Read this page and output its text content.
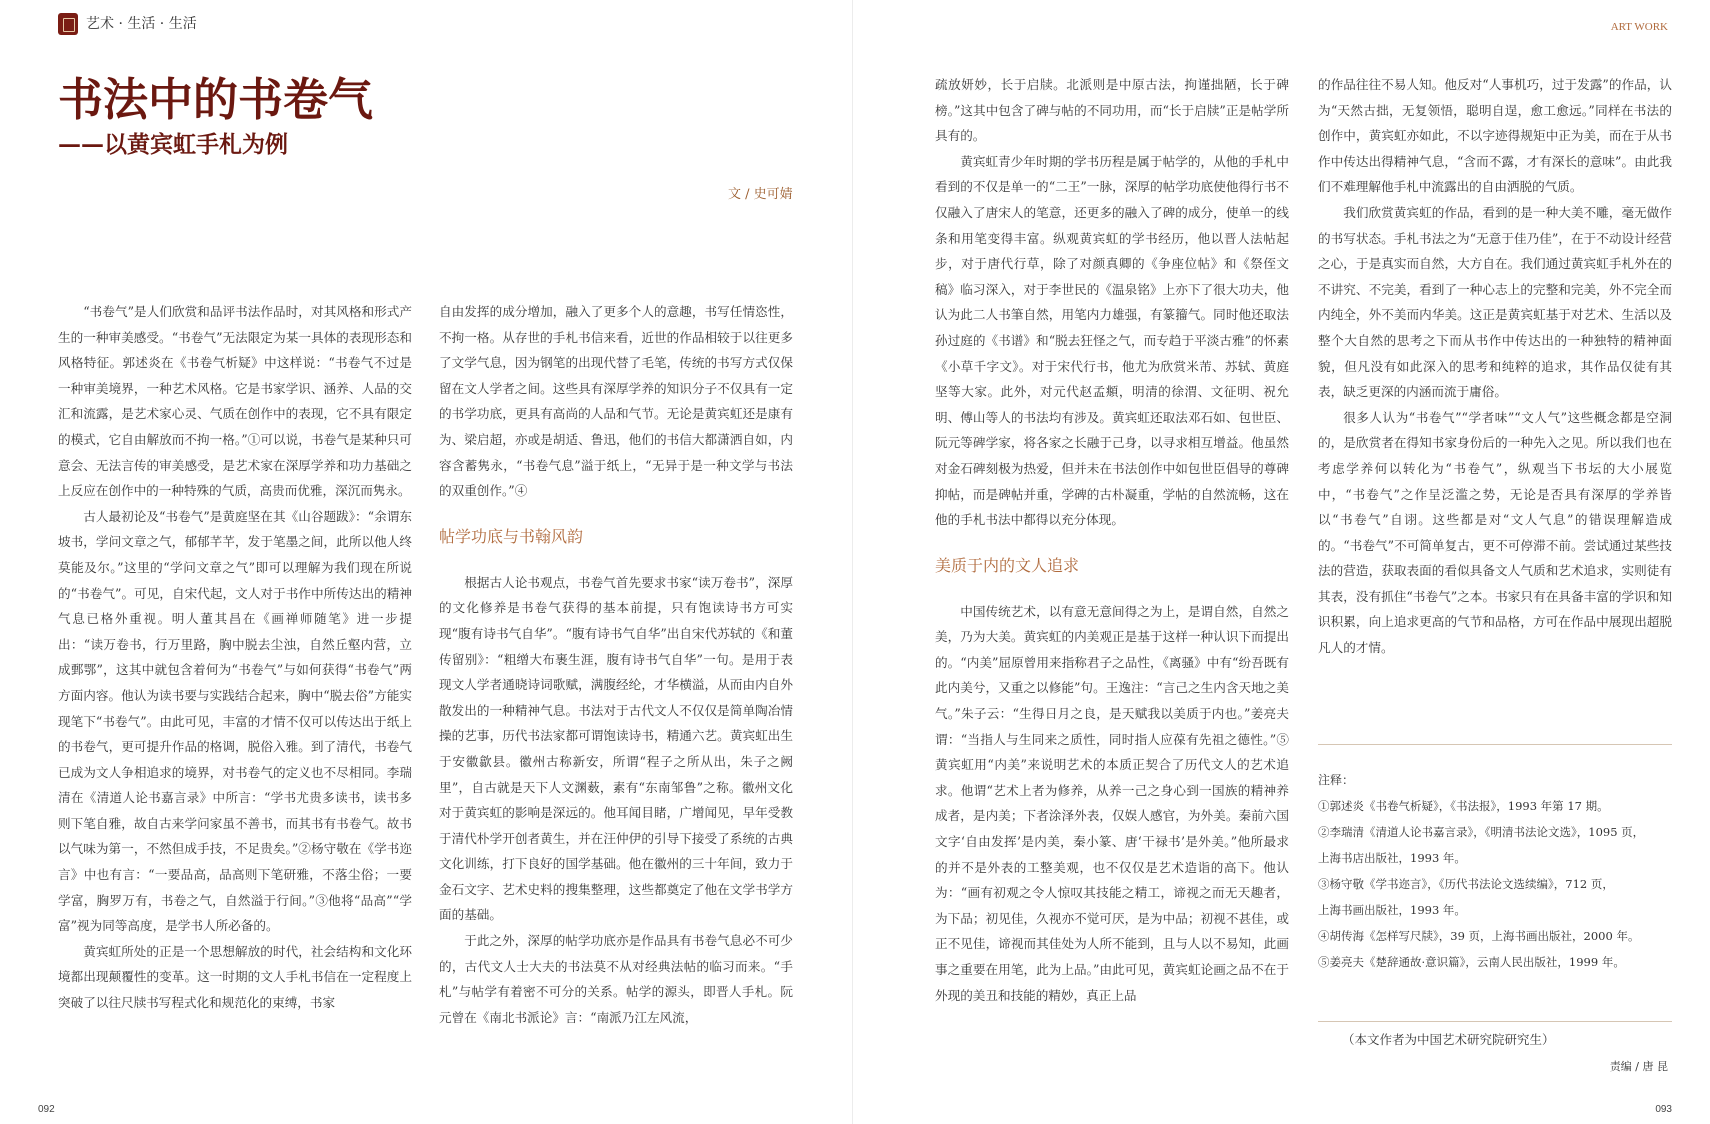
艺术 · 生活 · 生活	ART WORK
书法中的书卷气
——以黄宾虹手札为例
文 / 史可婧

“书卷气”是人们欣赏和品评书法作品时，对其风格和形式产生的一种审美感受。“书卷气”无法限定为某一具体的表现形态和风格特征。郭述炎在《书卷气析疑》中这样说：“书卷气不过是一种审美境界，一种艺术风格。它是书家学识、涵养、人品的交汇和流露，是艺术家心灵、气质在创作中的表现，它不具有限定的模式，它自由解放而不拘一格。”①可以说，书卷气是某种只可意会、无法言传的审美感受，是艺术家在深厚学养和功力基础之上反应在创作中的一种特殊的气质，高贵而优雅，深沉而隽永。

古人最初论及“书卷气”是黄庭坚在其《山谷题跋》：“余谓东坡书，学问文章之气，郁郁芊芊，发于笔墨之间，此所以他人终莫能及尔。”这里的“学问文章之气”即可以理解为我们现在所说的“书卷气”。可见，自宋代起，文人对于书作中所传达出的精神气息已格外重视。明人董其昌在《画禅师随笔》进一步提出：“读万卷书，行万里路，胸中脱去尘浊，自然丘壑内营，立成鄄鄂”，这其中就包含着何为“书卷气”与如何获得“书卷气”两方面内容。他认为读书要与实践结合起来，胸中“脱去俗”方能实现笔下“书卷气”。由此可见，丰富的才情不仅可以传达出于纸上的书卷气，更可提升作品的格调，脱俗入雅。到了清代，书卷气已成为文人争相追求的境界，对书卷气的定义也不尽相同。李瑞清在《清道人论书嘉言录》中所言：“学书尤贵多读书，读书多则下笔自雅，故自古来学问家虽不善书，而其书有书卷气。故书以气味为第一，不然但成手技，不足贵矣。”②杨守敬在《学书迩言》中也有言：“一要品高，品高则下笔研雅，不落尘俗；一要学富，胸罗万有，书卷之气，自然溢于行间。”③他将“品高”“学富”视为同等高度，是学书人所必备的。

黄宾虹所处的正是一个思想解放的时代，社会结构和文化环境都出现颠覆性的变革。这一时期的文人手札书信在一定程度上突破了以往尺牍书写程式化和规范化的束缚，书家

自由发挥的成分增加，融入了更多个人的意趣，书写任情恣性，不拘一格。从存世的手札书信来看，近世的作品相较于以往更多了文学气息，因为钢笔的出现代替了毛笔，传统的书写方式仅保留在文人学者之间。这些具有深厚学养的知识分子不仅具有一定的书学功底，更具有高尚的人品和气节。无论是黄宾虹还是康有为、梁启超，亦或是胡适、鲁迅，他们的书信大都潇洒自如，内容含蓄隽永，“书卷气息”溢于纸上，“无异于是一种文学与书法的双重创作。”④

帖学功底与书翰风韵

根据古人论书观点，书卷气首先要求书家“读万卷书”，深厚的文化修养是书卷气获得的基本前提，只有饱读诗书方可实现“腹有诗书气自华”。“腹有诗书气自华”出自宋代苏轼的《和董传留别》：“粗缯大布裹生涯，腹有诗书气自华”一句。是用于表现文人学者通晓诗词歌赋，满腹经纶，才华横溢，从而由内自外散发出的一种精神气息。书法对于古代文人不仅仅是简单陶冶情操的艺事，历代书法家都可谓饱读诗书，精通六艺。黄宾虹出生于安徽歙县。徽州古称新安，所谓“程子之所从出，朱子之阙里”，自古就是天下人文渊薮，素有“东南邹鲁”之称。徽州文化对于黄宾虹的影响是深远的。他耳闻目睹，广增闻见，早年受教于清代朴学开创者黄生，并在汪仲伊的引导下接受了系统的古典文化训练，打下良好的国学基础。他在徽州的三十年间，致力于金石文字、艺术史料的搜集整理，这些都奠定了他在文学书学方面的基础。

于此之外，深厚的帖学功底亦是作品具有书卷气息必不可少的，古代文人士大夫的书法莫不从对经典法帖的临习而来。“手札”与帖学有着密不可分的关系。帖学的源头，即晋人手札。阮元曾在《南北书派论》言：“南派乃江左风流，

疏放妍妙，长于启牍。北派则是中原古法，拘谨拙陋，长于碑榜。”这其中包含了碑与帖的不同功用，而“长于启牍”正是帖学所具有的。

黄宾虹青少年时期的学书历程是属于帖学的，从他的手札中看到的不仅是单一的“二王”一脉，深厚的帖学功底使他得行书不仅融入了唐宋人的笔意，还更多的融入了碑的成分，使单一的线条和用笔变得丰富。纵观黄宾虹的学书经历，他以晋人法帖起步，对于唐代行草，除了对颜真卿的《争座位帖》和《祭侄文稿》临习深入，对于李世民的《温泉铭》上亦下了很大功夫，他认为此二人书筆自然，用笔内力雄强，有篆籀气。同时他还取法孙过庭的《书谱》和“脱去狂怪之气，而专趋于平淡古雅”的怀素《小草千字文》。对于宋代行书，他尤为欣赏米芾、苏轼、黄庭坚等大家。此外，对元代赵孟頫，明清的徐渭、文征明、祝允明、傅山等人的书法均有涉及。黄宾虹还取法邓石如、包世臣、阮元等碑学家，将各家之长融于己身，以寻求相互增益。他虽然对金石碑刻极为热爱，但并未在书法创作中如包世臣倡导的尊碑抑帖，而是碑帖并重，学碑的古朴凝重，学帖的自然流畅，这在他的手札书法中都得以充分体现。

美质于内的文人追求

中国传统艺术，以有意无意间得之为上，是谓自然，自然之美，乃为大美。黄宾虹的内美观正是基于这样一种认识下而提出的。“内美”屈原曾用来指称君子之品性，《离骚》中有“纷吾既有此内美兮，又重之以修能”句。王逸注：“言己之生内含天地之美气。”朱子云：“生得日月之良，是天赋我以美质于内也。”姜亮夫谓：“当指人与生同来之质性，同时指人应葆有先祖之德性。”⑤黄宾虹用“内美”来说明艺术的本质正契合了历代文人的艺术追求。他谓“艺术上者为修养，从养一己之身心到一国族的精神养成者，是内美；下者涂泽外表，仅娱人感官，为外美。秦前六国文字‘自由发挥’是内美，秦小篆、唐‘干禄书’是外美。”他所最求的并不是外表的工整美观，也不仅仅是艺术造诣的高下。他认为：“画有初观之令人惊叹其技能之精工，谛视之而无天趣者，为下品；初见佳，久视亦不觉可厌，是为中品；初视不甚佳，或正不见佳，谛视而其佳处为人所不能到，且与人以不易知，此画事之重要在用笔，此为上品。”由此可见，黄宾虹论画之品不在于外现的美丑和技能的精妙，真正上品

的作品往往不易人知。他反对“人事机巧，过于发露”的作品，认为“天然古拙，无复领悟，聪明自逞，愈工愈远。”同样在书法的创作中，黄宾虹亦如此，不以字迹得规矩中正为美，而在于从书作中传达出得精神气息，“含而不露，才有深长的意味”。由此我们不难理解他手札中流露出的自由洒脱的气质。

我们欣赏黄宾虹的作品，看到的是一种大美不雕，毫无做作的书写状态。手札书法之为“无意于佳乃佳”，在于不动设计经营之心，于是真实而自然，大方自在。我们通过黄宾虹手札外在的不讲究、不完美，看到了一种心志上的完整和完美，外不完全而内纯全，外不美而内华美。这正是黄宾虹基于对艺术、生活以及整个大自然的思考之下而从书作中传达出的一种独特的精神面貌，但凡没有如此深入的思考和纯粹的追求，其作品仅徒有其表，缺乏更深的内涵而流于庸俗。

很多人认为“书卷气”“学者味”“文人气”这些概念都是空洞的，是欣赏者在得知书家身份后的一种先入之见。所以我们也在考虑学养何以转化为“书卷气”，纵观当下书坛的大小展览中，“书卷气”之作呈泛滥之势，无论是否具有深厚的学养皆以“书卷气”自诩。这些都是对“文人气息”的错误理解造成的。“书卷气”不可简单复古，更不可停滞不前。尝试通过某些技法的营造，获取表面的看似具备文人气质和艺术追求，实则徒有其表，没有抓住“书卷气”之本。书家只有在具备丰富的学识和知识积累，向上追求更高的气节和品格，方可在作品中展现出超脱凡人的才情。

注释：
①郭述炎《书卷气析疑》，《书法报》，1993 年第 17 期。
②李瑞清《清道人论书嘉言录》，《明清书法论文选》，1095 页，
上海书店出版社，1993 年。
③杨守敬《学书迩言》，《历代书法论文选续编》，712 页，
上海书画出版社，1993 年。
④胡传海《怎样写尺牍》，39 页，上海书画出版社，2000 年。
⑤姜亮夫《楚辞通故·意识篇》，云南人民出版社，1999 年。
（本文作者为中国艺术研究院研究生）
责编 / 唐 昆
092	093
